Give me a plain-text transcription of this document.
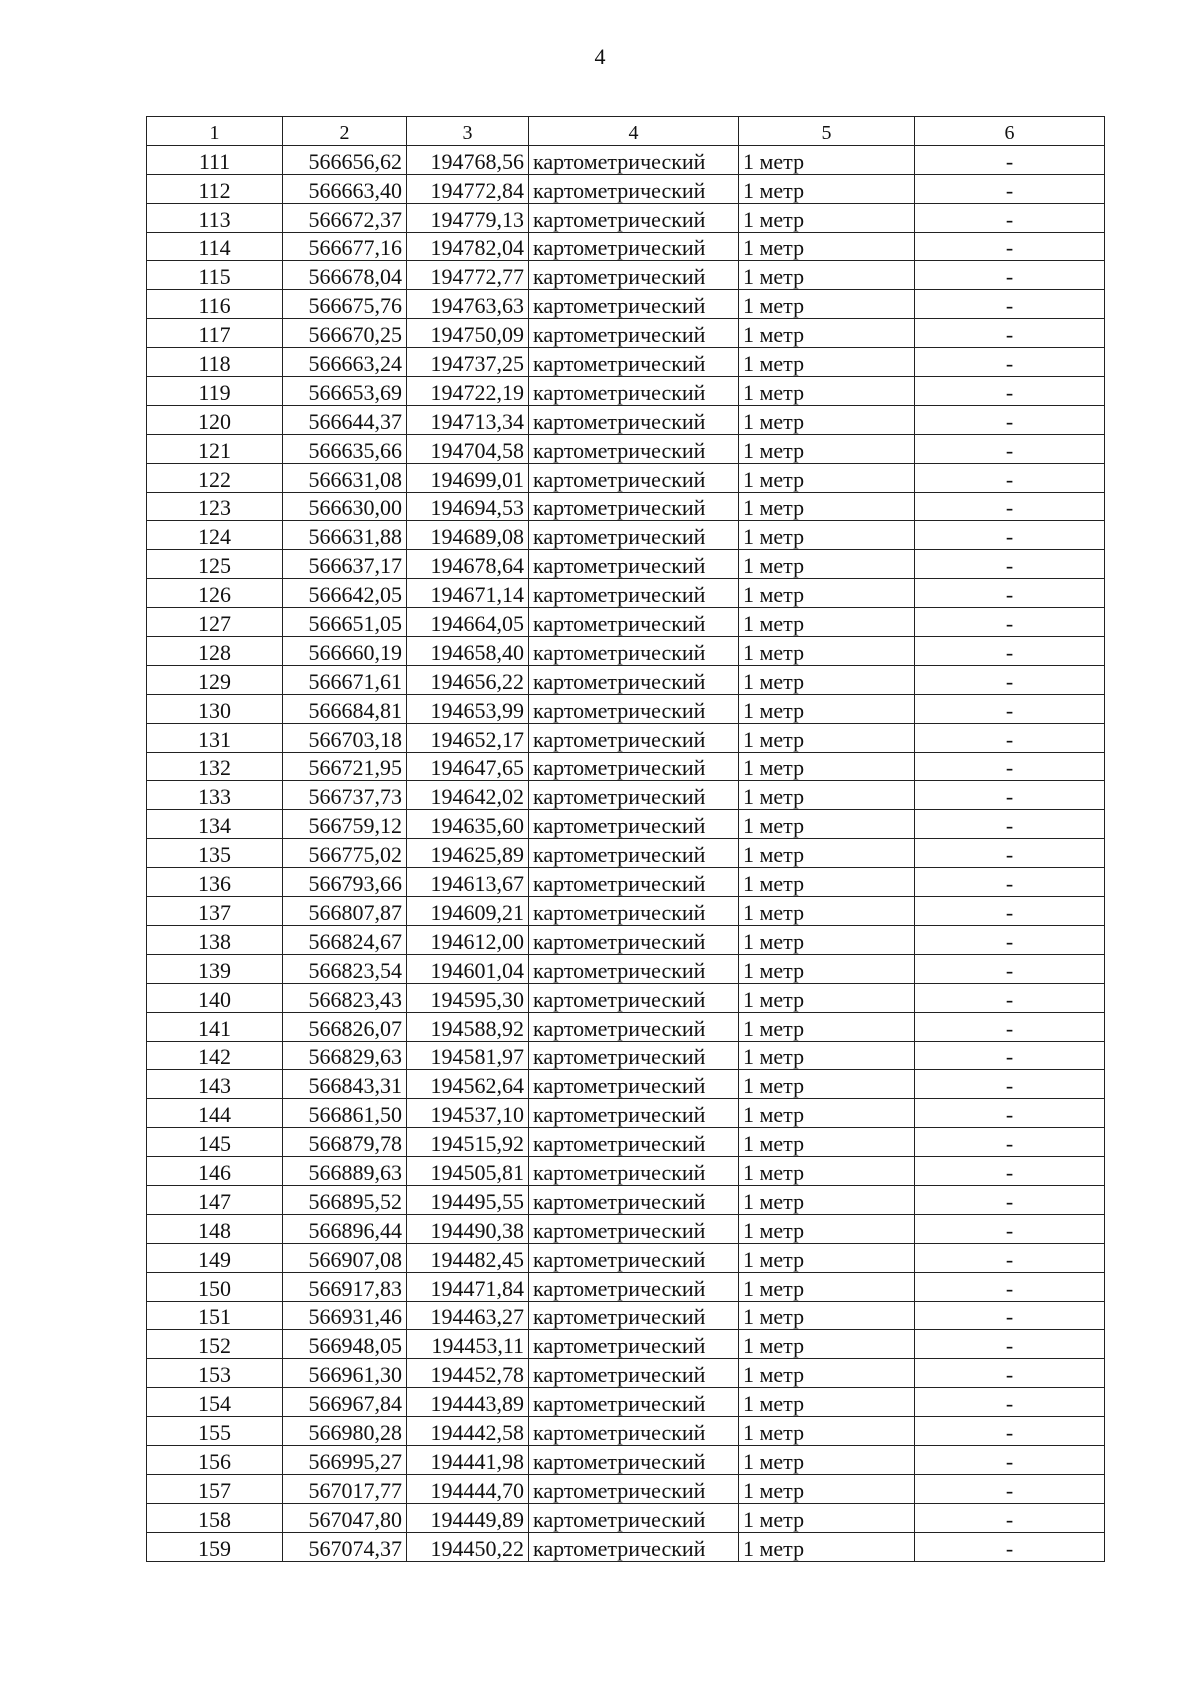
4
1	2	3	4	5	6
111	566656,62	194768,56	картометрический	1 метр	-
112	566663,40	194772,84	картометрический	1 метр	-
113	566672,37	194779,13	картометрический	1 метр	-
114	566677,16	194782,04	картометрический	1 метр	-
115	566678,04	194772,77	картометрический	1 метр	-
116	566675,76	194763,63	картометрический	1 метр	-
117	566670,25	194750,09	картометрический	1 метр	-
118	566663,24	194737,25	картометрический	1 метр	-
119	566653,69	194722,19	картометрический	1 метр	-
120	566644,37	194713,34	картометрический	1 метр	-
121	566635,66	194704,58	картометрический	1 метр	-
122	566631,08	194699,01	картометрический	1 метр	-
123	566630,00	194694,53	картометрический	1 метр	-
124	566631,88	194689,08	картометрический	1 метр	-
125	566637,17	194678,64	картометрический	1 метр	-
126	566642,05	194671,14	картометрический	1 метр	-
127	566651,05	194664,05	картометрический	1 метр	-
128	566660,19	194658,40	картометрический	1 метр	-
129	566671,61	194656,22	картометрический	1 метр	-
130	566684,81	194653,99	картометрический	1 метр	-
131	566703,18	194652,17	картометрический	1 метр	-
132	566721,95	194647,65	картометрический	1 метр	-
133	566737,73	194642,02	картометрический	1 метр	-
134	566759,12	194635,60	картометрический	1 метр	-
135	566775,02	194625,89	картометрический	1 метр	-
136	566793,66	194613,67	картометрический	1 метр	-
137	566807,87	194609,21	картометрический	1 метр	-
138	566824,67	194612,00	картометрический	1 метр	-
139	566823,54	194601,04	картометрический	1 метр	-
140	566823,43	194595,30	картометрический	1 метр	-
141	566826,07	194588,92	картометрический	1 метр	-
142	566829,63	194581,97	картометрический	1 метр	-
143	566843,31	194562,64	картометрический	1 метр	-
144	566861,50	194537,10	картометрический	1 метр	-
145	566879,78	194515,92	картометрический	1 метр	-
146	566889,63	194505,81	картометрический	1 метр	-
147	566895,52	194495,55	картометрический	1 метр	-
148	566896,44	194490,38	картометрический	1 метр	-
149	566907,08	194482,45	картометрический	1 метр	-
150	566917,83	194471,84	картометрический	1 метр	-
151	566931,46	194463,27	картометрический	1 метр	-
152	566948,05	194453,11	картометрический	1 метр	-
153	566961,30	194452,78	картометрический	1 метр	-
154	566967,84	194443,89	картометрический	1 метр	-
155	566980,28	194442,58	картометрический	1 метр	-
156	566995,27	194441,98	картометрический	1 метр	-
157	567017,77	194444,70	картометрический	1 метр	-
158	567047,80	194449,89	картометрический	1 метр	-
159	567074,37	194450,22	картометрический	1 метр	-
